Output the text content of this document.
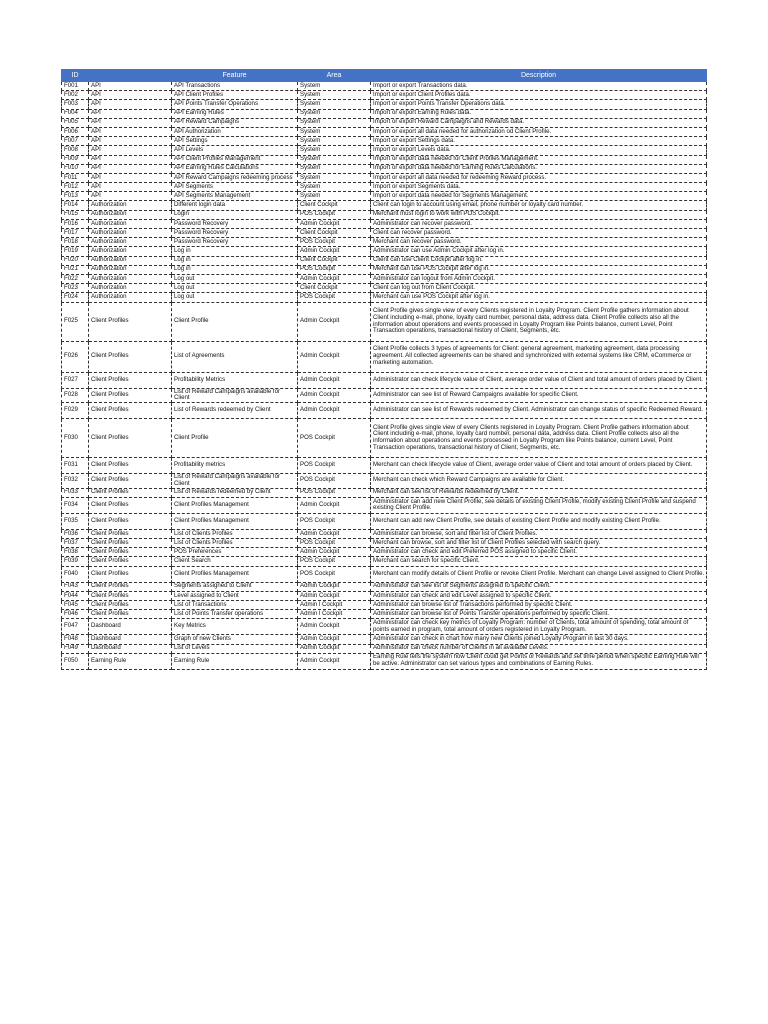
ID		Feature	Area	Description
F001	API	API Transactions	System	Import or export Transactions data.
F002	API	API Client Profiles	System	Import or export Client Profiles data.
F003	API	API Points Transfer Operations	System	Import or export Points Transfer Operations data.
F004	API	API Earning Rules	System	Import or export Earning Rules data.
F005	API	API Reward Campaigns	System	Import or export Reward Campaigns and Rewards data.
F006	API	API Authorization	System	Import or export all data needed for authorization od Client Profile.
F007	API	API Settings	System	Import or export Settings data.
F008	API	API Levels	System	Import or export Levels data.
F009	API	API Client Profiles Management	System	Import or export data needed for Client Profiles Management.
F010	API	API Earning Rules Calculations	System	Import or export data needed for Earning Rules Calculations.
F011	API	API Reward Campaigns redeeming process	System	Import or export all data needed for redeeming Reward process.
F012	API	API Segments	System	Import or export Segments data.
F013	API	API Segments Management	System	Import or export data needed for Segments Management.
F014	Authorization	Different login data	Client Cockpit	Client can login to account using email, phone number or loyalty card number.
F015	Authorization	Login	POS Cockpit	Merchant must login to work with POS Cockpit.
F016	Authorization	Password Recovery	Admin Cockpit	Administrator can recover password.
F017	Authorization	Password Recovery	Client Cockpit	Client can recover password.
F018	Authorization	Password Recovery	POS Cockpit	Merchant can recover password.
F019	Authorization	Log in	Admin Cockpit	Administrator can use Admin Cockpit after log in.
F020	Authorization	Log in	Client Cockpit	Client can use Client Cockpit after log in.
F021	Authorization	Log in	POS Cockpit	Merchant can use POS Cockpit after log in.
F022	Authorization	Log out	Admin Cockpit	Administrator can logout from Admin Cockpit.
F023	Authorization	Log out	Client Cockpit	Client can log out from Client Cockpit.
F024	Authorization	Log out	POS Cockpit	Merchant can use POS Cockpit after log in.
F025	Client Profiles	Client Profile	Admin Cockpit	Client Profile gives single view of every Clients registered in Loyalty Program. Client Profile gathers information about Client including e-mail, phone, loyalty card number, personal data, address data. Client Profile collects also all the information about operations and events processed in Loyalty Program like Points balance, current Level, Point Transaction operations, transactional history of Client, Segments, etc.
F026	Client Profiles	List of Agreements	Admin Cockpit	Client Profile collects 3 types of agreements for Client: general agreement, marketing agreement, data processing agreement. All collected agreements can be shared and synchronized with external systems like CRM, eCommerce or marketing automation.
F027	Client Profiles	Profitability Metrics	Admin Cockpit	Administrator can check lifecycle value of Client, average order value of Client and total amount of orders placed by Client.
F028	Client Profiles	List of Reward Campaigns available for Client	Admin Cockpit	Administrator can see list of Reward Campaigns available for specific Client.
F029	Client Profiles	List of Rewards redeemed by Client	Admin Cockpit	Administrator can see list of Rewards redeemed by Client. Administrator can change status of specific Redeemed Reward.
F030	Client Profiles	Client Profile	POS Cockpit	Client Profile gives single view of every Clients registered in Loyalty Program. Client Profile gathers information about Client including e-mail, phone, loyalty card number, personal data, address data. Client Profile collects also all the information about operations and events processed in Loyalty Program like Points balance, current Level, Point Transaction operations, transactional history of Client, Segments, etc.
F031	Client Profiles	Profitability metrics	POS Cockpit	Merchant can check lifecycle value of Client, average order value of Client and total amount of orders placed by Client.
F032	Client Profiles	List of Reward Campaigns available for Client	POS Cockpit	Merchant can check which Reward Campaigns are available for Client.
F033	Client Profiles	List of Rewards redeemed by Client	POS Cockpit	Merchant can see list of Rewards redeemed by Client.
F034	Client Profiles	Client Profiles Management	Admin Cockpit	Administrator can add new Client Profile, see details of existing Client Profile, modify existing Client Profile and suspend existing Client Profile.
F035	Client Profiles	Client Profiles Management	POS Cockpit	Merchant can add new Client Profile, see details of existing Client Profile and modify existing Client Profile.
F036	Client Profiles	List of Clients Profiles	Admin Cockpit	Administrator can browse, sort and filter list of Client Profiles.
F037	Client Profiles	List of Clients Profiles	POS Cockpit	Merchant can browse, sort and filter list of Client Profiles selected with search query.
F038	Client Profiles	POS Preferences	Admin Cockpit	Administrator can check and edit Preferred POS assigned to specific Client.
F039	Client Profiles	Client Search	POS Cockpit	Merchant can search for specific Client.
F040	Client Profiles	Client Profiles Management	POS Cockpit	Merchant can modify details of Client Profile or revoke Client Profile. Merchant can change Level assigned to Client Profile.
F043	Client Profiles	Segments assigned to Client	Admin Cockpit	Administrator can see list of Segments assigned to specific Client.
F044	Client Profiles	Level assigned to Client	Admin Cockpit	Administrator can check and edit Level assigned to specific Client.
F045	Client Profiles	List of Transactions	Admin l Cockpit	Administrator can browse list of Transactions performed by specific Client.
F046	Client Profiles	List of Points Transfer operations	Admin l Cockpit	Administrator can browse list of Points Transfer operations performed by specific Client.
F047	Dashboard	Key Metrics	Admin Cockpit	Administrator can check key metrics of Loyalty Program: number of Clients, total amount of spending, total amount of points earned in program, total amount of orders registered in Loyalty Program.
F048	Dashboard	Graph of new Clients	Admin Cockpit	Administrator can check in chart how many new Clients joined Loyalty Program in last 30 days.
F049	Dashboard	List of Levels	Admin Cockpit	Administrator can check number of Clients in all available Levels.
F050	Earning Rule	Earning Rule	Admin Cockpit	Earning Rule tells the system how Client could get Points or Rewards and set time period when specific Earning Rule will be active. Administrator can set various types and combinations of Earning Rules.
